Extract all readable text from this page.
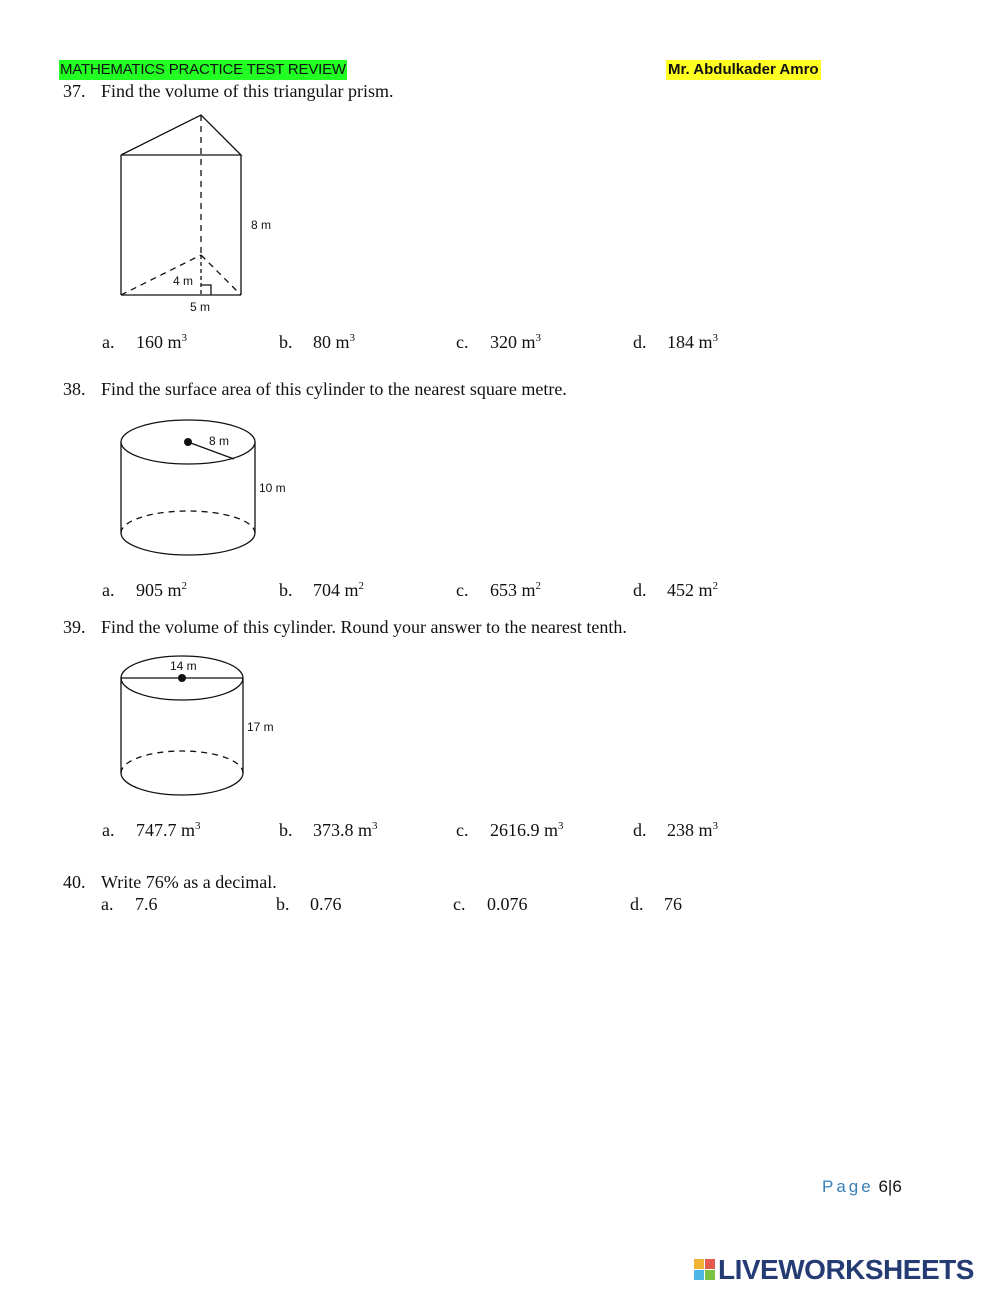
MATHEMATICS PRACTICE TEST REVIEW	Mr. Abdulkader Amro
37. Find the volume of this triangular prism.
8 m
4 m
5 m
a. 160 $m^3$	b. 80 $m^3$	c. 320 $m^3$	d. 184 $m^3$
38. Find the surface area of this cylinder to the nearest square metre.
8 m
10 m
a. 905 $m^2$	b. 704 $m^2$	c. 653 $m^2$	d. 452 $m^2$
39. Find the volume of this cylinder. Round your answer to the nearest tenth.
14 m
17 m
a. 747.7 $m^3$	b. 373.8 $m^3$	c. 2616.9 $m^3$	d. 238 $m^3$
40. Write 76% as a decimal.
a. 7.6	b. 0.76	c. 0.076	d. 76
Page 6|6
LIVEWORKSHEETS
